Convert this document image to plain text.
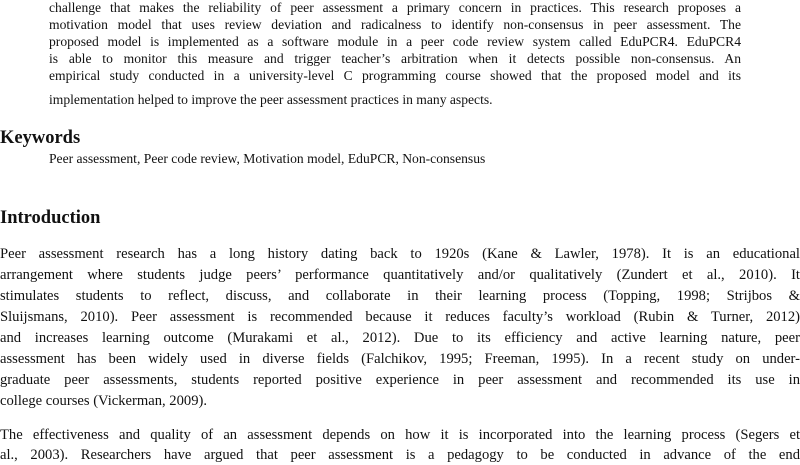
challenge that makes the reliability of peer assessment a primary concern in practices. This research proposes a
motivation model that uses review deviation and radicalness to identify non-consensus in peer assessment. The
proposed model is implemented as a software module in a peer code review system called EduPCR4. EduPCR4
is able to monitor this measure and trigger teacher’s arbitration when it detects possible non-consensus. An
empirical study conducted in a university-level C programming course showed that the proposed model and its
implementation helped to improve the peer assessment practices in many aspects.
Keywords
Peer assessment, Peer code review, Motivation model, EduPCR, Non-consensus
Introduction
Peer assessment research has a long history dating back to 1920s (Kane & Lawler, 1978). It is an educational
arrangement where students judge peers’ performance quantitatively and/or qualitatively (Zundert et al., 2010). It
stimulates students to reflect, discuss, and collaborate in their learning process (Topping, 1998; Strijbos &
Sluijsmans, 2010). Peer assessment is recommended because it reduces faculty’s workload (Rubin & Turner, 2012)
and increases learning outcome (Murakami et al., 2012). Due to its efficiency and active learning nature, peer
assessment has been widely used in diverse fields (Falchikov, 1995; Freeman, 1995). In a recent study on under-
graduate peer assessments, students reported positive experience in peer assessment and recommended its use in
college courses (Vickerman, 2009).
The effectiveness and quality of an assessment depends on how it is incorporated into the learning process (Segers et
al., 2003). Researchers have argued that peer assessment is a pedagogy to be conducted in advance of the end
